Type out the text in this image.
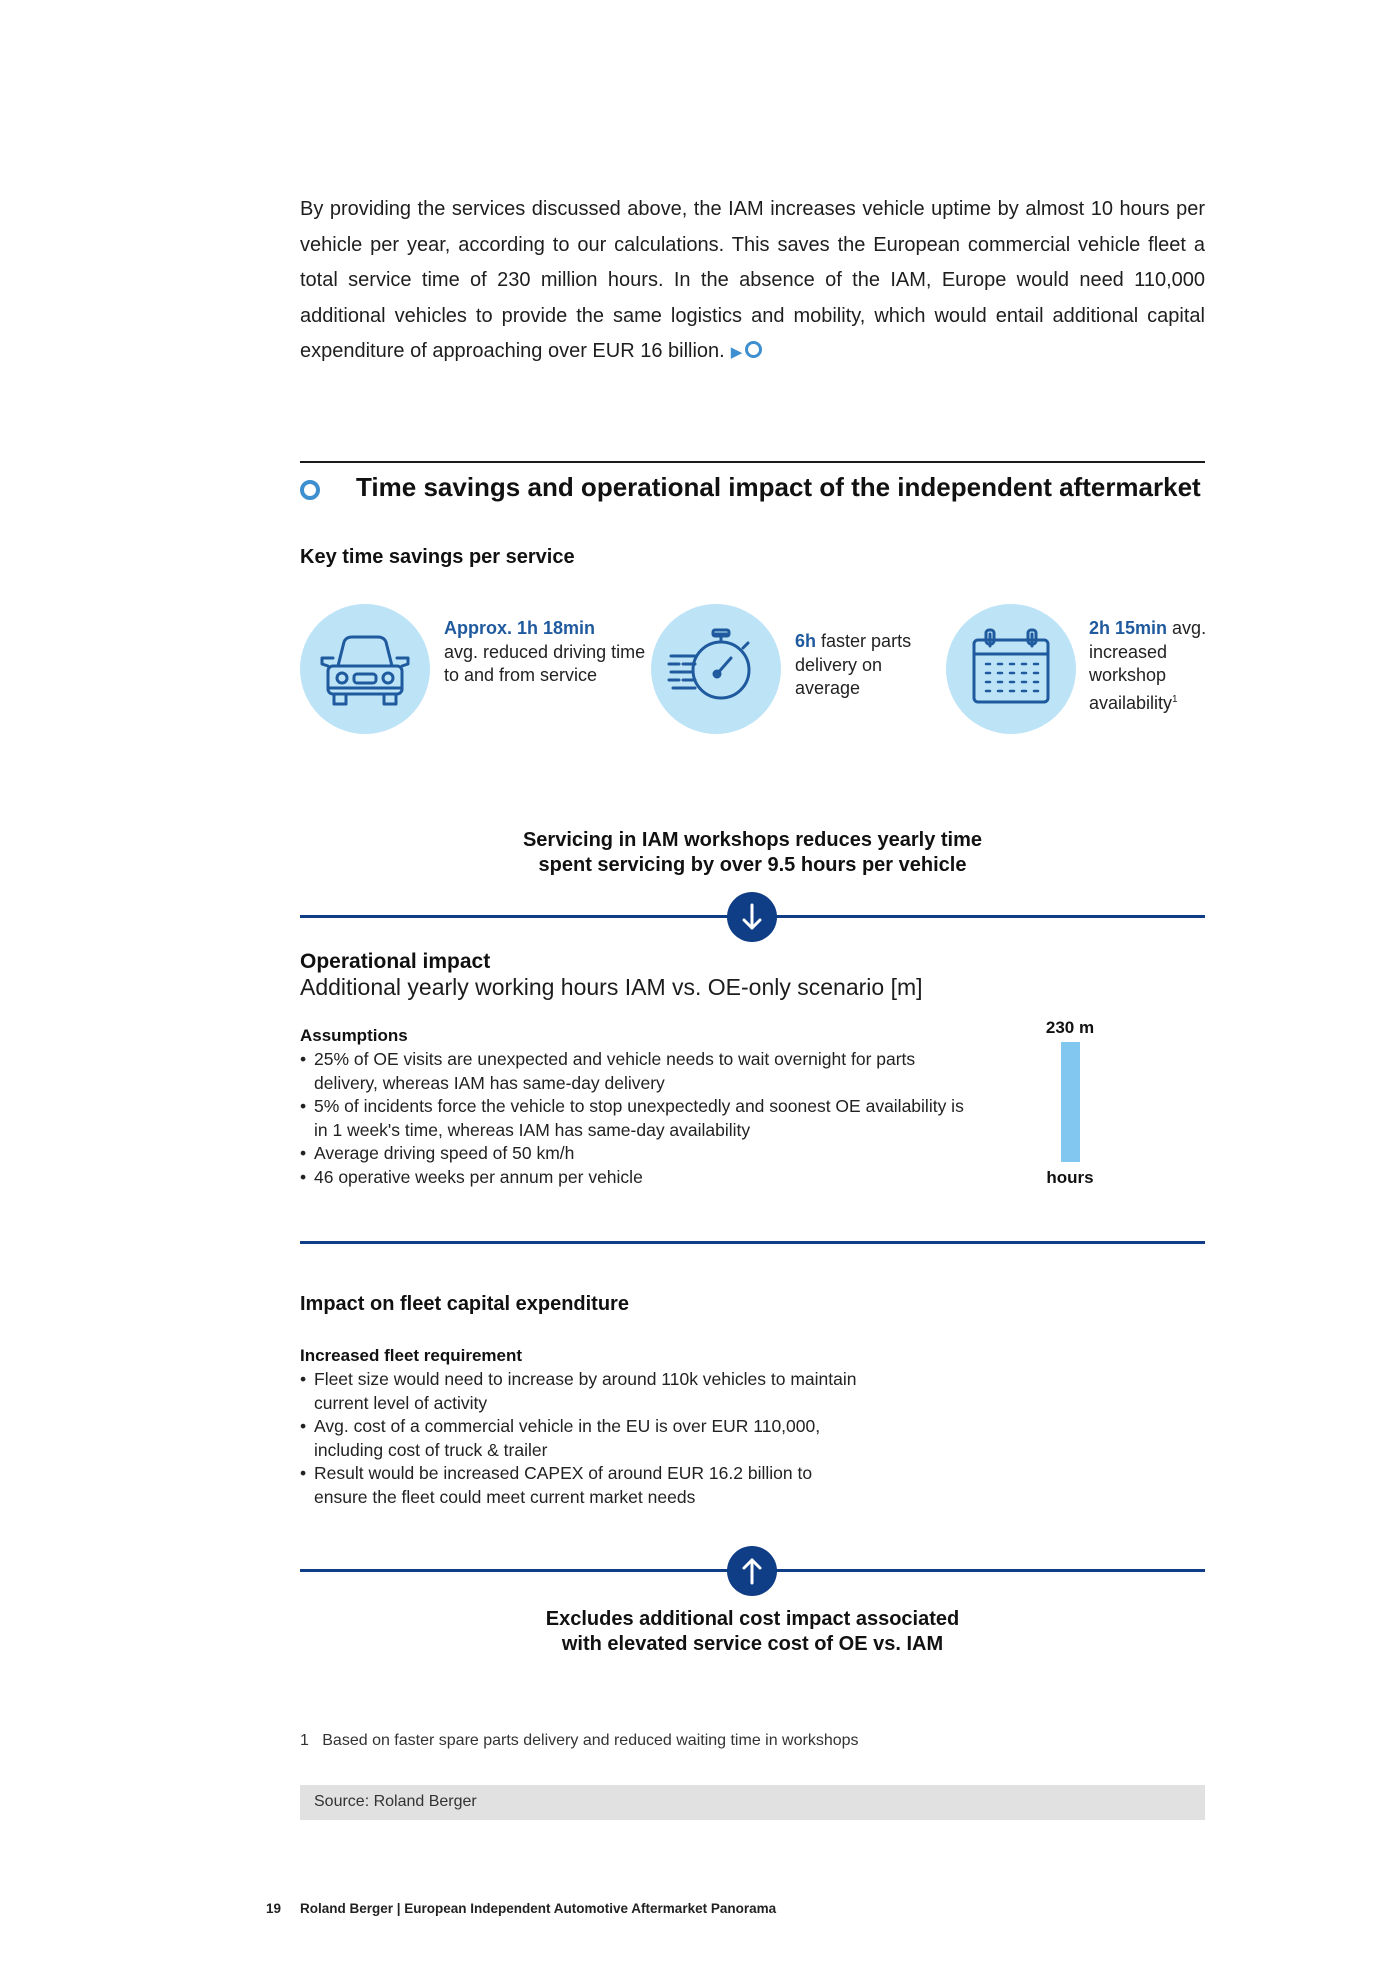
By providing the services discussed above, the IAM increases vehicle uptime by almost 10 hours per vehicle per year, according to our calculations. This saves the European commercial vehicle fleet a total service time of 230 million hours. In the absence of the IAM, Europe would need 110,000 additional vehicles to provide the same logistics and mobility, which would entail additional capital expenditure of approaching over EUR 16 billion. ▶
Time savings and operational impact of the independent aftermarket
Key time savings per service
Approx. 1h 18min
avg. reduced driving time to and from service
6h faster parts delivery on average
2h 15min avg. increased workshop availability$^1$
Servicing in IAM workshops reduces yearly time
spent servicing by over 9.5 hours per vehicle
Operational impact
Additional yearly working hours IAM vs. OE-only scenario [m]
Assumptions
• 25% of OE visits are unexpected and vehicle needs to wait overnight for parts delivery, whereas IAM has same-day delivery
• 5% of incidents force the vehicle to stop unexpectedly and soonest OE availability is in 1 week's time, whereas IAM has same-day availability
• Average driving speed of 50 km/h
• 46 operative weeks per annum per vehicle
230 m
hours
Impact on fleet capital expenditure
Increased fleet requirement
• Fleet size would need to increase by around 110k vehicles to maintain current level of activity
• Avg. cost of a commercial vehicle in the EU is over EUR 110,000, including cost of truck & trailer
• Result would be increased CAPEX of around EUR 16.2 billion to ensure the fleet could meet current market needs
Excludes additional cost impact associated
with elevated service cost of OE vs. IAM
1 Based on faster spare parts delivery and reduced waiting time in workshops
Source: Roland Berger
19 Roland Berger | European Independent Automotive Aftermarket Panorama
